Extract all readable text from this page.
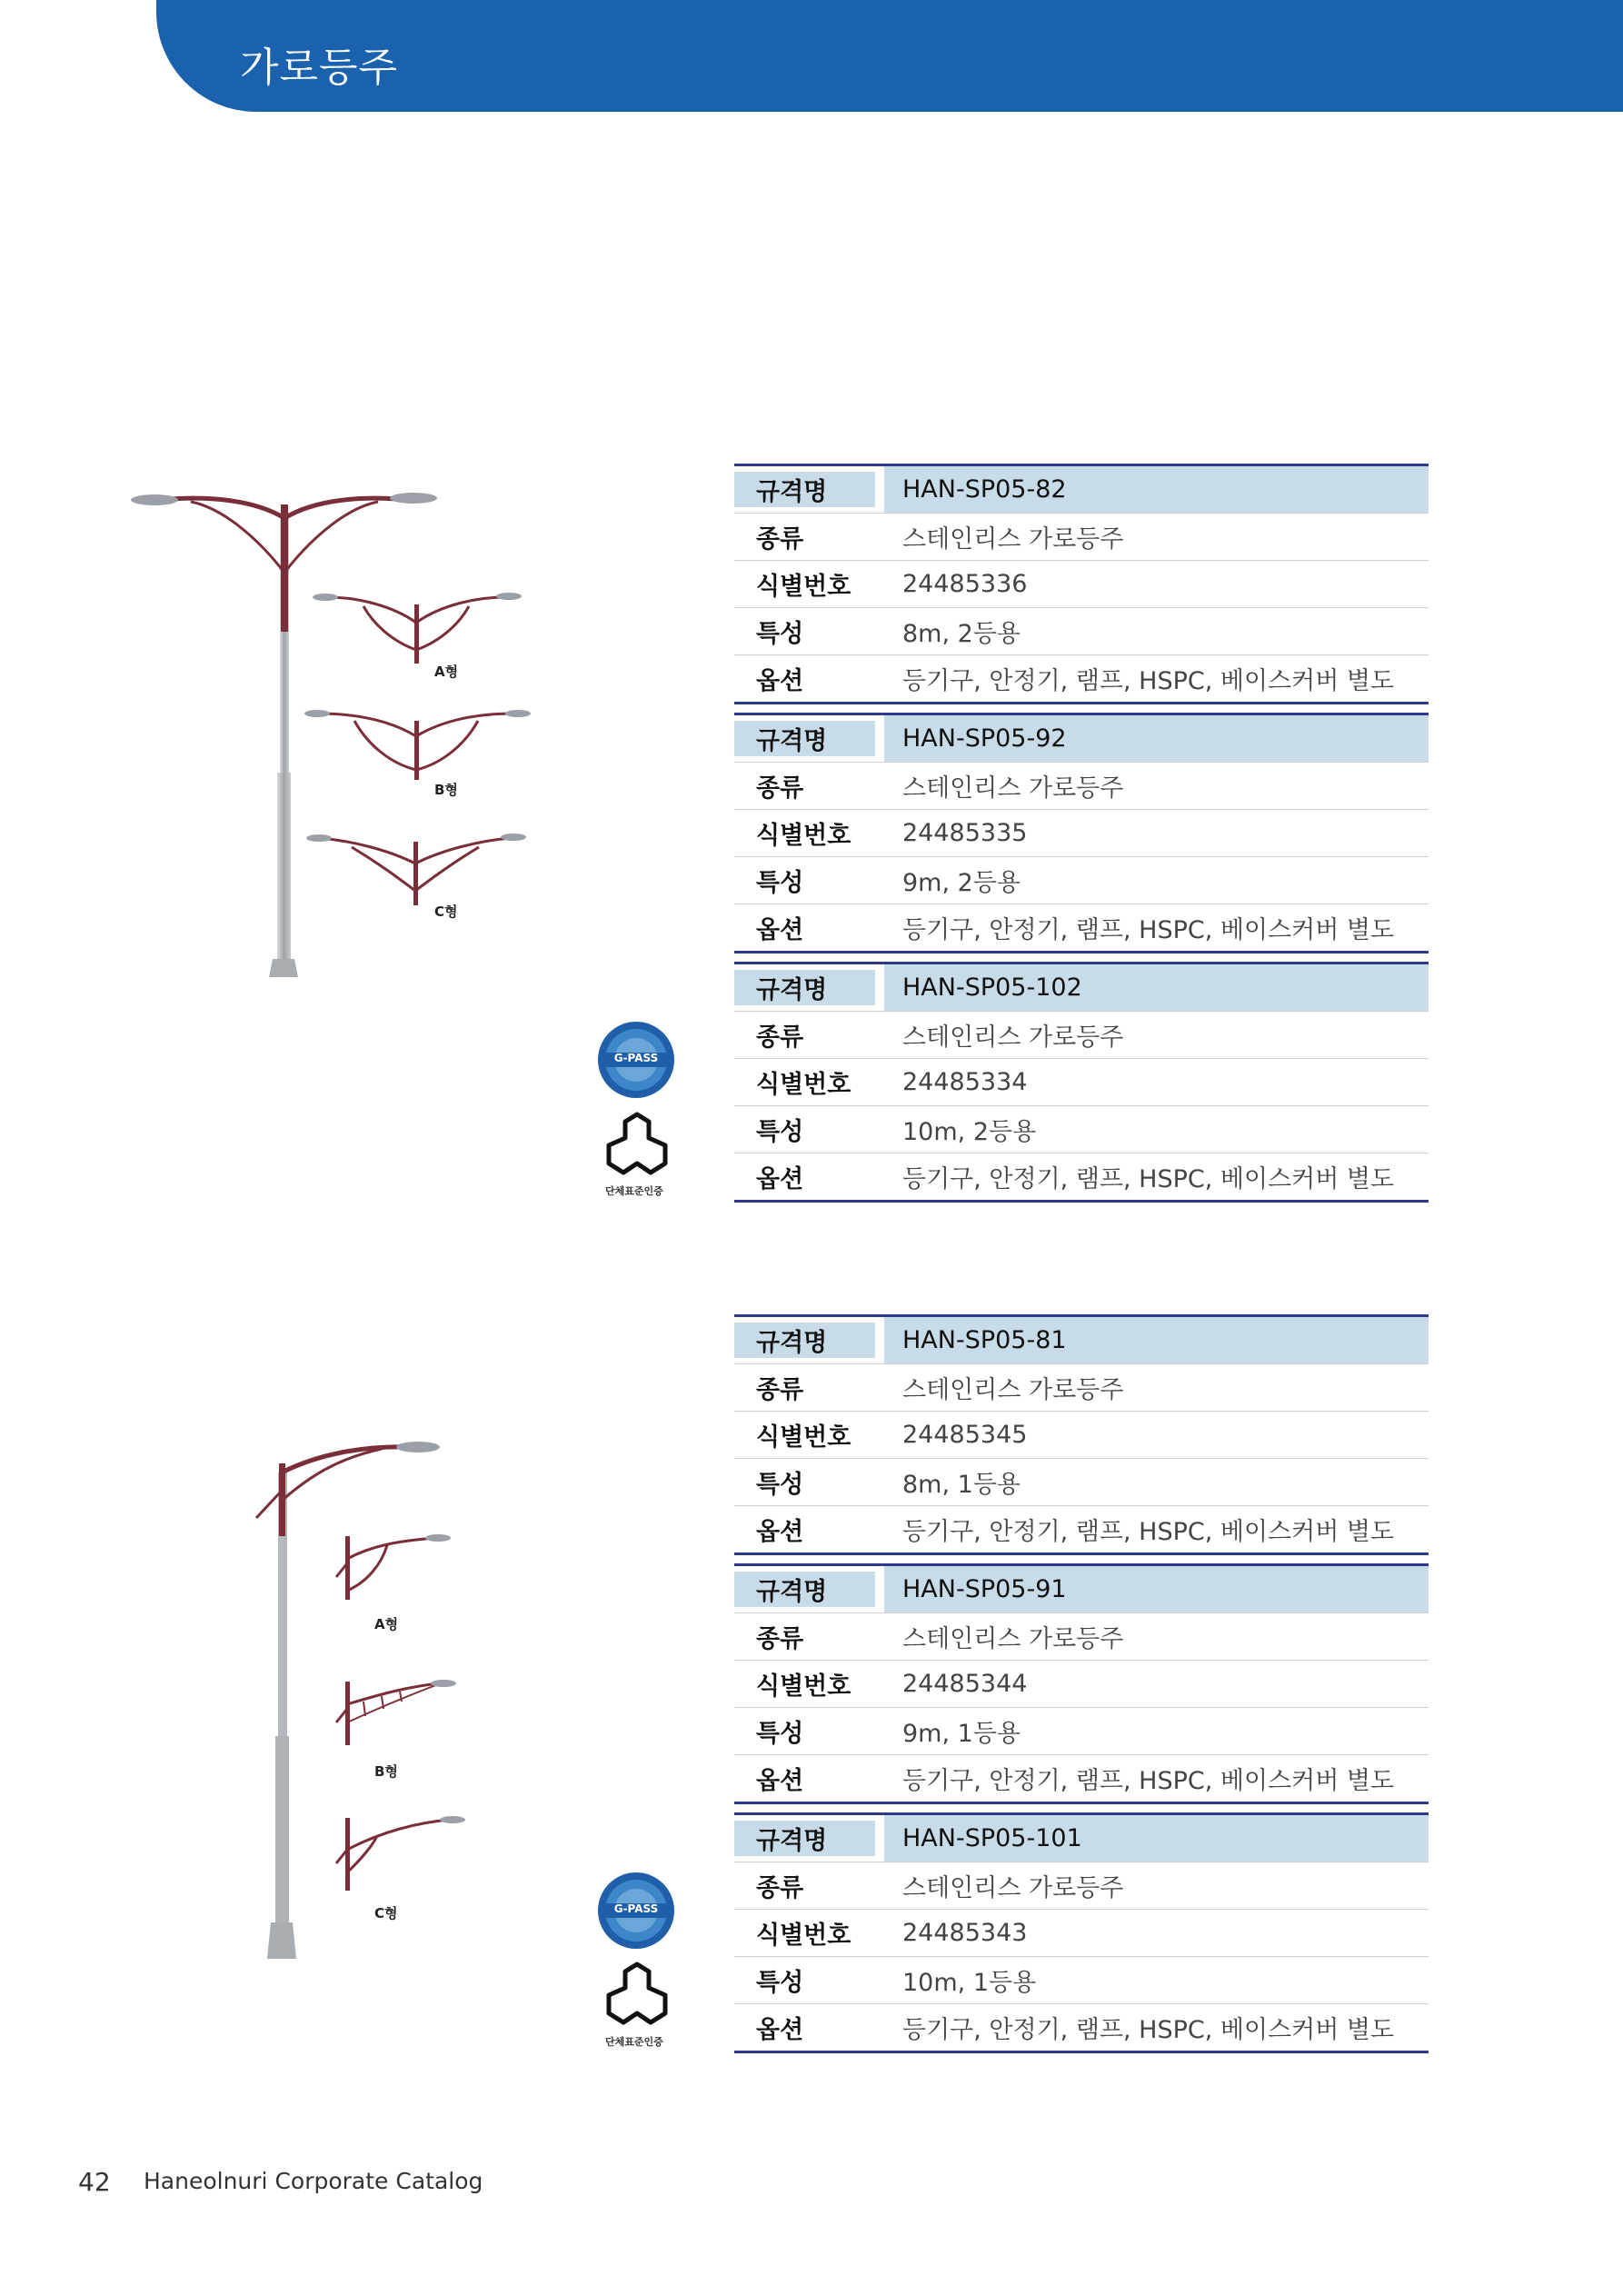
가로등주
A형
B형
C형
G-PASS
단체표준인증
A형
B형
C형	G-PASS
단체표준인증
규격명	HAN-SP05-82
종류	스테인리스 가로등주
식별번호	24485336
특성	8m, 2등용
옵션	등기구, 안정기, 램프, HSPC, 베이스커버 별도
규격명	HAN-SP05-92
종류	스테인리스 가로등주
식별번호	24485335
특성	9m, 2등용
옵션	등기구, 안정기, 램프, HSPC, 베이스커버 별도
규격명	HAN-SP05-102
종류	스테인리스 가로등주
식별번호	24485334
특성	10m, 2등용
옵션	등기구, 안정기, 램프, HSPC, 베이스커버 별도
규격명	HAN-SP05-81
종류	스테인리스 가로등주
식별번호	24485345
특성	8m, 1등용
옵션	등기구, 안정기, 램프, HSPC, 베이스커버 별도
규격명	HAN-SP05-91
종류	스테인리스 가로등주
식별번호	24485344
특성	9m, 1등용
옵션	등기구, 안정기, 램프, HSPC, 베이스커버 별도
규격명	HAN-SP05-101
종류	스테인리스 가로등주
식별번호	24485343
특성	10m, 1등용
옵션	등기구, 안정기, 램프, HSPC, 베이스커버 별도
42 Haneolnuri Corporate Catalog
